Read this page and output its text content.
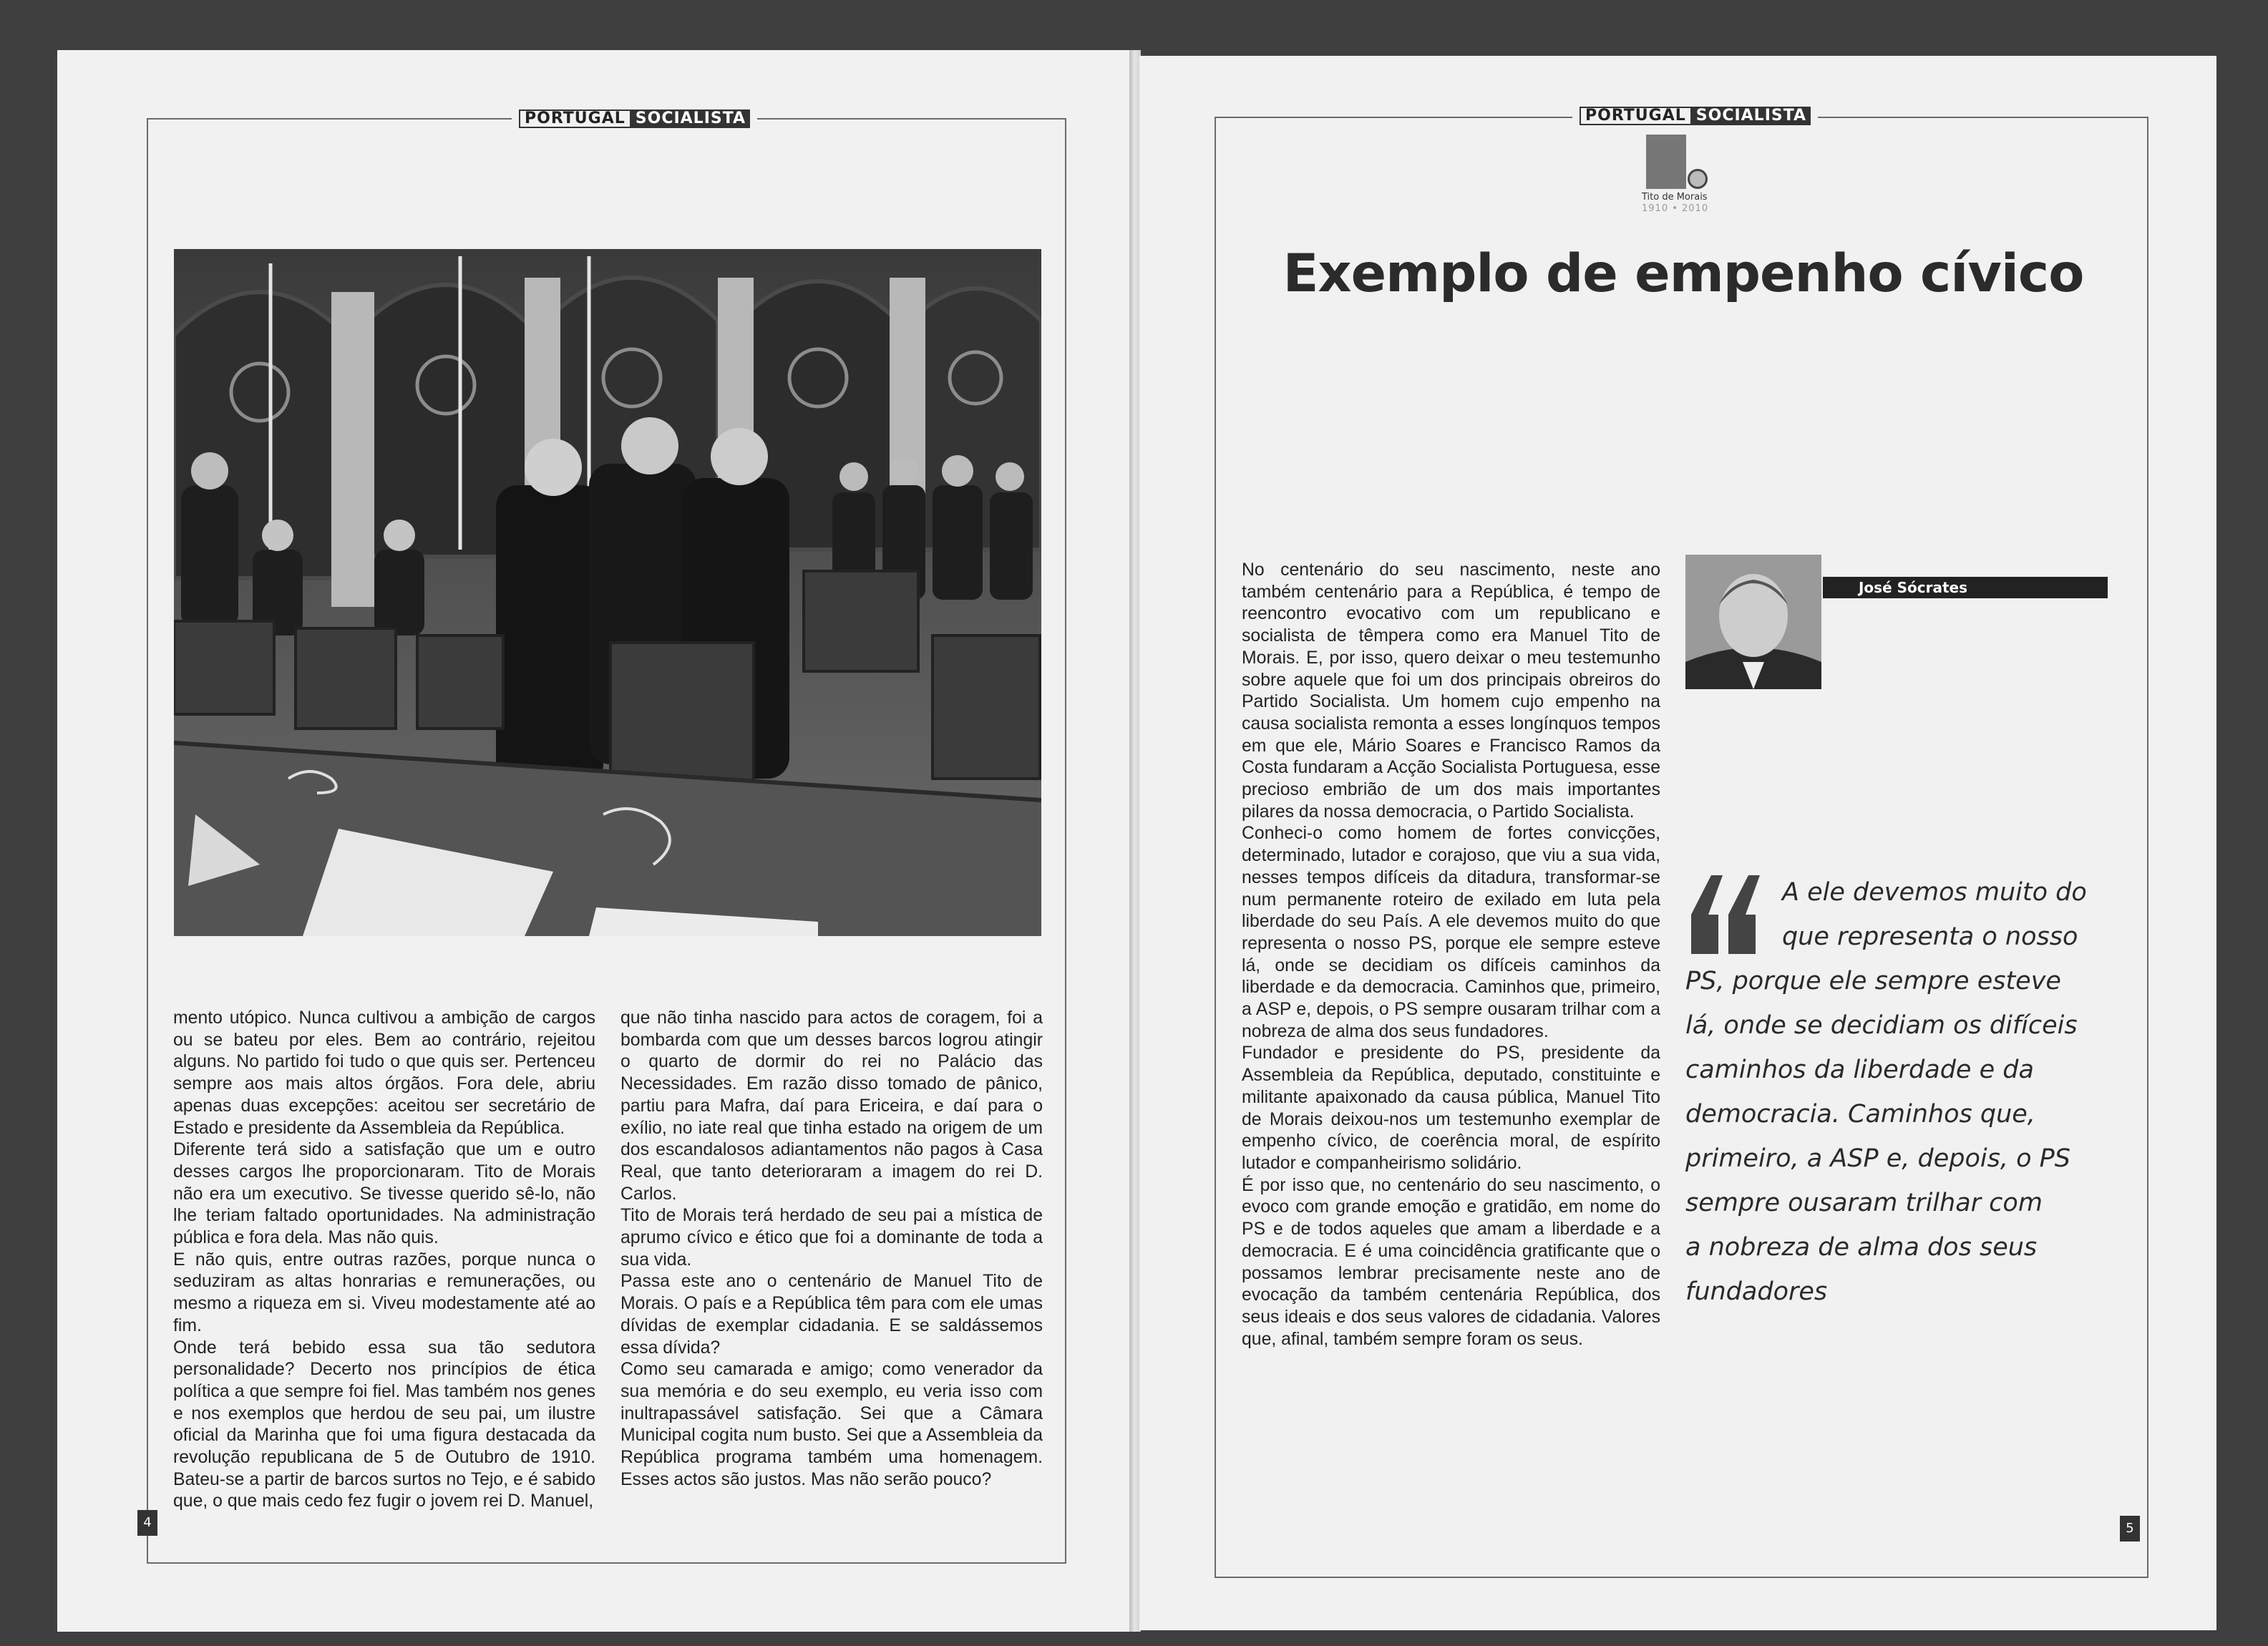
PORTUGAL SOCIALISTA

mento utópico. Nunca cultivou a ambição de cargos ou se bateu por eles. Bem ao contrário, rejeitou alguns. No partido foi tudo o que quis ser. Pertenceu sempre aos mais altos órgãos. Fora dele, abriu apenas duas excepções: aceitou ser secretário de Estado e presidente da Assembleia da República.

Diferente terá sido a satisfação que um e outro desses cargos lhe proporcionaram. Tito de Morais não era um executivo. Se tivesse querido sê-lo, não lhe teriam faltado oportunidades. Na administração pública e fora dela. Mas não quis.

E não quis, entre outras razões, porque nunca o seduziram as altas honrarias e remunerações, ou mesmo a riqueza em si. Viveu modestamente até ao fim.

Onde terá bebido essa sua tão sedutora personalidade? Decerto nos princípios de ética política a que sempre foi fiel. Mas também nos genes e nos exemplos que herdou de seu pai, um ilustre oficial da Marinha que foi uma figura destacada da revolução republicana de 5 de Outubro de 1910. Bateu-se a partir de barcos surtos no Tejo, e é sabido que, o que mais cedo fez fugir o jovem rei D. Manuel,

que não tinha nascido para actos de coragem, foi a bombarda com que um desses barcos logrou atingir o quarto de dormir do rei no Palácio das Necessidades. Em razão disso tomado de pânico, partiu para Mafra, daí para Ericeira, e daí para o exílio, no iate real que tinha estado na origem de um dos escandalosos adiantamentos não pagos à Casa Real, que tanto deterioraram a imagem do rei D. Carlos.

Tito de Morais terá herdado de seu pai a mística de aprumo cívico e ético que foi a dominante de toda a sua vida.

Passa este ano o centenário de Manuel Tito de Morais. O país e a República têm para com ele umas dívidas de exemplar cidadania. E se saldássemos essa dívida?

Como seu camarada e amigo; como venerador da sua memória e do seu exemplo, eu veria isso com inultrapassável satisfação. Sei que a Câmara Municipal cogita num busto. Sei que a Assembleia da República programa também uma homenagem. Esses actos são justos. Mas não serão pouco?

4
PORTUGAL SOCIALISTA
Tito de Morais
1910 • 2010
Exemplo de empenho cívico

No centenário do seu nascimento, neste ano também centenário para a República, é tempo de reencontro evocativo com um republicano e socialista de têmpera como era Manuel Tito de Morais. E, por isso, quero deixar o meu testemunho sobre aquele que foi um dos principais obreiros do Partido Socialista. Um homem cujo empenho na causa socialista remonta a esses longínquos tempos em que ele, Mário Soares e Francisco Ramos da Costa fundaram a Acção Socialista Portuguesa, esse precioso embrião de um dos mais importantes pilares da nossa democracia, o Partido Socialista.

Conheci-o como homem de fortes convicções, determinado, lutador e corajoso, que viu a sua vida, nesses tempos difíceis da ditadura, transformar-se num permanente roteiro de exilado em luta pela liberdade do seu País. A ele devemos muito do que representa o nosso PS, porque ele sempre esteve lá, onde se decidiam os difíceis caminhos da liberdade e da democracia. Caminhos que, primeiro, a ASP e, depois, o PS sempre ousaram trilhar com a nobreza de alma dos seus fundadores.

Fundador e presidente do PS, presidente da Assembleia da República, deputado, constituinte e militante apaixonado da causa pública, Manuel Tito de Morais deixou-nos um testemunho exemplar de empenho cívico, de coerência moral, de espírito lutador e companheirismo solidário.

É por isso que, no centenário do seu nascimento, o evoco com grande emoção e gratidão, em nome do PS e de todos aqueles que amam a liberdade e a democracia. E é uma coincidência gratificante que o possamos lembrar precisamente neste ano de evocação da também centenária República, dos seus ideais e dos seus valores de cidadania. Valores que, afinal, também sempre foram os seus.

José Sócrates
A ele devemos muito do
que representa o nosso
PS, porque ele sempre esteve
lá, onde se decidiam os difíceis
caminhos da liberdade e da
democracia. Caminhos que,
primeiro, a ASP e, depois, o PS
sempre ousaram trilhar com
a nobreza de alma dos seus
fundadores
5
